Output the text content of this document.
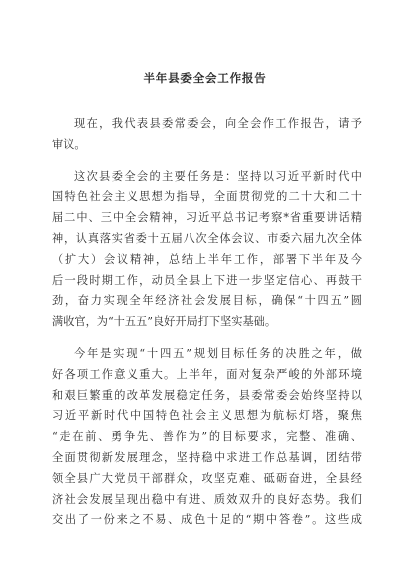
半年县委全会工作报告
现在，我代表县委常委会，向全会作工作报告，请予
审议。
这次县委全会的主要任务是：坚持以习近平新时代中
国特色社会主义思想为指导，全面贯彻党的二十大和二十
届二中、三中全会精神，习近平总书记考察*省重要讲话精
神，认真落实省委十五届八次全体会议、市委六届九次全体
（扩大）会议精神，总结上半年工作，部署下半年及今
后一段时期工作，动员全县上下进一步坚定信心、再鼓干
劲，奋力实现全年经济社会发展目标，确保“十四五”圆
满收官，为“十五五”良好开局打下坚实基础。
今年是实现“十四五”规划目标任务的决胜之年，做
好各项工作意义重大。上半年，面对复杂严峻的外部环境
和艰巨繁重的改革发展稳定任务，县委常委会始终坚持以
习近平新时代中国特色社会主义思想为航标灯塔，聚焦
“走在前、勇争先、善作为”的目标要求，完整、准确、
全面贯彻新发展理念，坚持稳中求进工作总基调，团结带
领全县广大党员干部群众，攻坚克难、砥砺奋进，全县经
济社会发展呈现出稳中有进、质效双升的良好态势。我们
交出了一份来之不易、成色十足的“期中答卷”。这些成
